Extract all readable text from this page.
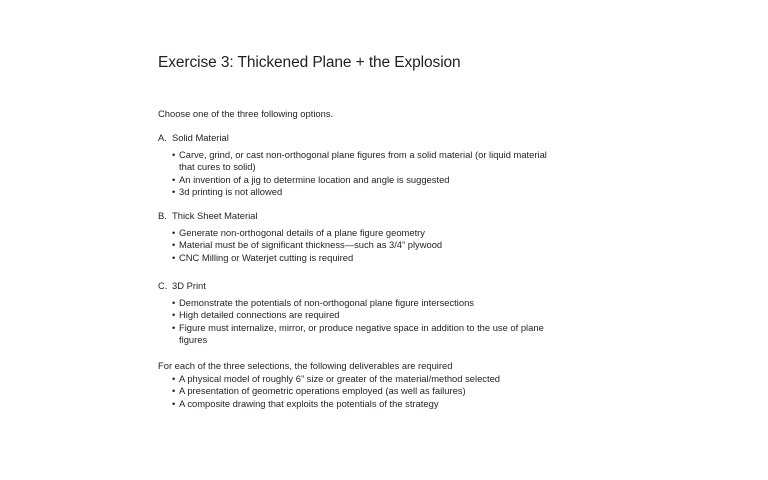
Exercise 3: Thickened Plane + the Explosion

Choose one of the three following options.

A. Solid Material

• Carve, grind, or cast non-orthogonal plane figures from a solid material (or liquid material that cures to solid)
• An invention of a jig to determine location and angle is suggested
• 3d printing is not allowed

B. Thick Sheet Material

• Generate non-orthogonal details of a plane figure geometry
• Material must be of significant thickness—such as 3/4” plywood
• CNC Milling or Waterjet cutting is required

C. 3D Print

• Demonstrate the potentials of non-orthogonal plane figure intersections
• High detailed connections are required
• Figure must internalize, mirror, or produce negative space in addition to the use of plane figures

For each of the three selections, the following deliverables are required

• A physical model of roughly 6” size or greater of the material/method selected
• A presentation of geometric operations employed (as well as failures)
• A composite drawing that exploits the potentials of the strategy
